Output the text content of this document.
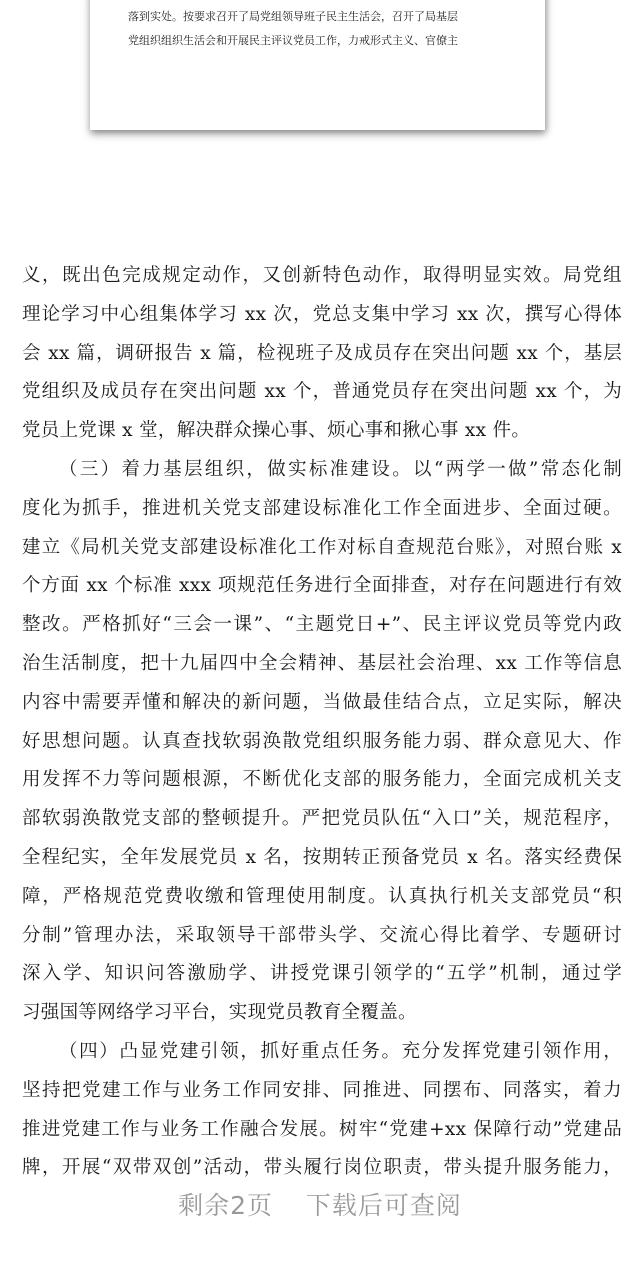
落到实处。按要求召开了局党组领导班子民主生活会，召开了局基层
党组织组织生活会和开展民主评议党员工作，力戒形式主义、官僚主
义，既出色完成规定动作，又创新特色动作，取得明显实效。局党组
理论学习中心组集体学习 xx 次，党总支集中学习 xx 次，撰写心得体
会 xx 篇，调研报告 x 篇，检视班子及成员存在突出问题 xx 个，基层
党组织及成员存在突出问题 xx 个，普通党员存在突出问题 xx 个，为
党员上党课 x 堂，解决群众操心事、烦心事和揪心事 xx 件。
（三）着力基层组织，做实标准建设。以“两学一做”常态化制
度化为抓手，推进机关党支部建设标准化工作全面进步、全面过硬。
建立《局机关党支部建设标准化工作对标自查规范台账》，对照台账 x
个方面 xx 个标准 xxx 项规范任务进行全面排查，对存在问题进行有效
整改。严格抓好“三会一课”、“主题党日+”、民主评议党员等党内政
治生活制度，把十九届四中全会精神、基层社会治理、xx 工作等信息
内容中需要弄懂和解决的新问题，当做最佳结合点，立足实际，解决
好思想问题。认真查找软弱涣散党组织服务能力弱、群众意见大、作
用发挥不力等问题根源，不断优化支部的服务能力，全面完成机关支
部软弱涣散党支部的整顿提升。严把党员队伍“入口”关，规范程序，
全程纪实，全年发展党员 x 名，按期转正预备党员 x 名。落实经费保
障，严格规范党费收缴和管理使用制度。认真执行机关支部党员“积
分制”管理办法，采取领导干部带头学、交流心得比着学、专题研讨
深入学、知识问答激励学、讲授党课引领学的“五学”机制，通过学
习强国等网络学习平台，实现党员教育全覆盖。
（四）凸显党建引领，抓好重点任务。充分发挥党建引领作用，
坚持把党建工作与业务工作同安排、同推进、同摆布、同落实，着力
推进党建工作与业务工作融合发展。树牢“党建+xx 保障行动”党建品
牌，开展“双带双创”活动，带头履行岗位职责，带头提升服务能力，
剩余2页 下载后可查阅
